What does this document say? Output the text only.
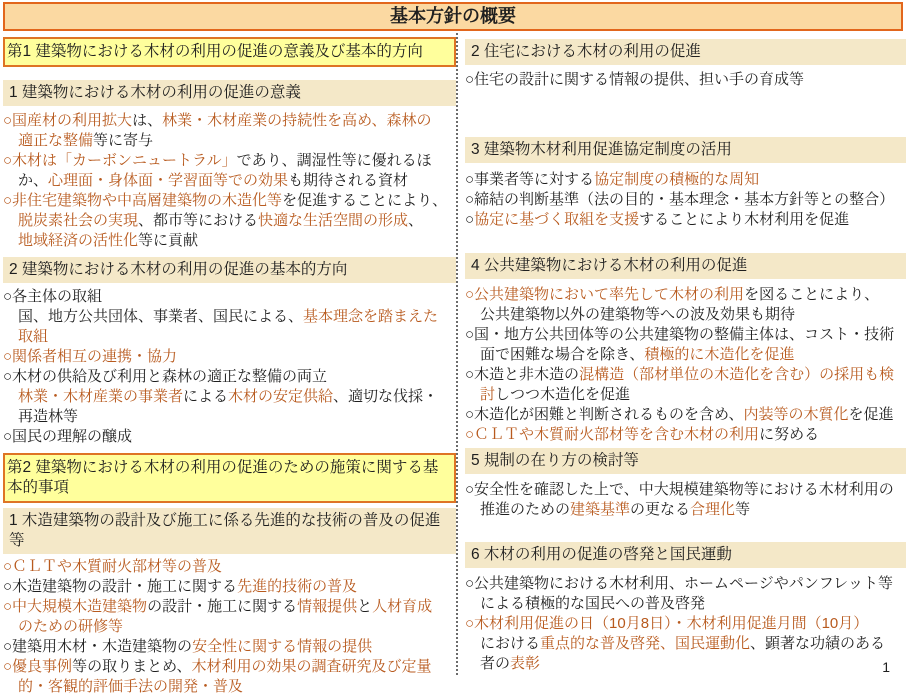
基本方針の概要
第1 建築物における木材の利用の促進の意義及び基本的方向
1 建築物における木材の利用の促進の意義
○国産材の利用拡大は、林業・木材産業の持続性を高め、森林の
適正な整備等に寄与
○木材は「カーボンニュートラル」であり、調湿性等に優れるほ
か、心理面・身体面・学習面等での効果も期待される資材
○非住宅建築物や中高層建築物の木造化等を促進することにより、
脱炭素社会の実現、都市等における快適な生活空間の形成、
地域経済の活性化等に貢献
2 建築物における木材の利用の促進の基本的方向
○各主体の取組
国、地方公共団体、事業者、国民による、基本理念を踏まえた
取組
○関係者相互の連携・協力
○木材の供給及び利用と森林の適正な整備の両立
林業・木材産業の事業者による木材の安定供給、適切な伐採・
再造林等
○国民の理解の醸成
第2 建築物における木材の利用の促進のための施策に関する基本的事項
1 木造建築物の設計及び施工に係る先進的な技術の普及の促進等
○ＣＬＴや木質耐火部材等の普及
○木造建築物の設計・施工に関する先進的技術の普及
○中大規模木造建築物の設計・施工に関する情報提供と人材育成
のための研修等
○建築用木材・木造建築物の安全性に関する情報の提供
○優良事例等の取りまとめ、木材利用の効果の調査研究及び定量
的・客観的評価手法の開発・普及
2 住宅における木材の利用の促進
○住宅の設計に関する情報の提供、担い手の育成等
3 建築物木材利用促進協定制度の活用
○事業者等に対する協定制度の積極的な周知
○締結の判断基準（法の目的・基本理念・基本方針等との整合）
○協定に基づく取組を支援することにより木材利用を促進
4 公共建築物における木材の利用の促進
○公共建築物において率先して木材の利用を図ることにより、
公共建築物以外の建築物等への波及効果も期待
○国・地方公共団体等の公共建築物の整備主体は、コスト・技術
面で困難な場合を除き、積極的に木造化を促進
○木造と非木造の混構造（部材単位の木造化を含む）の採用も検
討しつつ木造化を促進
○木造化が困難と判断されるものを含め、内装等の木質化を促進
○ＣＬＴや木質耐火部材等を含む木材の利用に努める
5 規制の在り方の検討等
○安全性を確認した上で、中大規模建築物等における木材利用の
推進のための建築基準の更なる合理化等
6 木材の利用の促進の啓発と国民運動
○公共建築物における木材利用、ホームページやパンフレット等
による積極的な国民への普及啓発
○木材利用促進の日（10月8日）・木材利用促進月間（10月）
における重点的な普及啓発、国民運動化、顕著な功績のある
者の表彰	1
